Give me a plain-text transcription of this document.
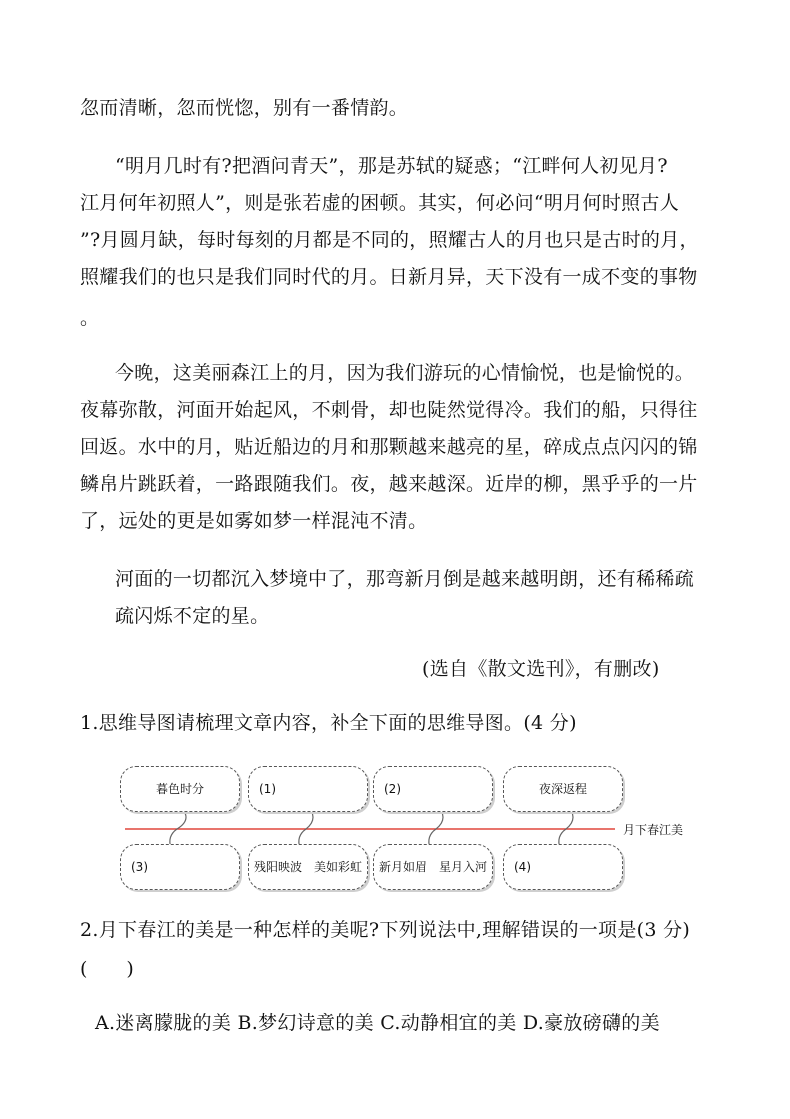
忽而清晰，忽而恍惚，别有一番情韵。
“明月几时有?把酒问青天”，那是苏轼的疑惑；“江畔何人初见月?
江月何年初照人”，则是张若虚的困顿。其实，何必问“明月何时照古人
”?月圆月缺，每时每刻的月都是不同的，照耀古人的月也只是古时的月，
照耀我们的也只是我们同时代的月。日新月异，天下没有一成不变的事物
。
今晚，这美丽森江上的月，因为我们游玩的心情愉悦，也是愉悦的。
夜幕弥散，河面开始起风，不刺骨，却也陡然觉得冷。我们的船，只得往
回返。水中的月，贴近船边的月和那颗越来越亮的星，碎成点点闪闪的锦
鳞帛片跳跃着，一路跟随我们。夜，越来越深。近岸的柳，黑乎乎的一片
了，远处的更是如雾如梦一样混沌不清。
河面的一切都沉入梦境中了，那弯新月倒是越来越明朗，还有稀稀疏
疏闪烁不定的星。
(选自《散文选刊》，有删改)
1.思维导图请梳理文章内容，补全下面的思维导图。(4 分)
暮色时分	(1)	(2)	夜深返程
(3)	残阳映波　美如彩虹	新月如眉　星月入河	(4)
月下春江美
2.月下春江的美是一种怎样的美呢?下列说法中,理解错误的一项是(3 分)
(　　)
A.迷离朦胧的美 B.梦幻诗意的美 C.动静相宜的美 D.豪放磅礴的美
